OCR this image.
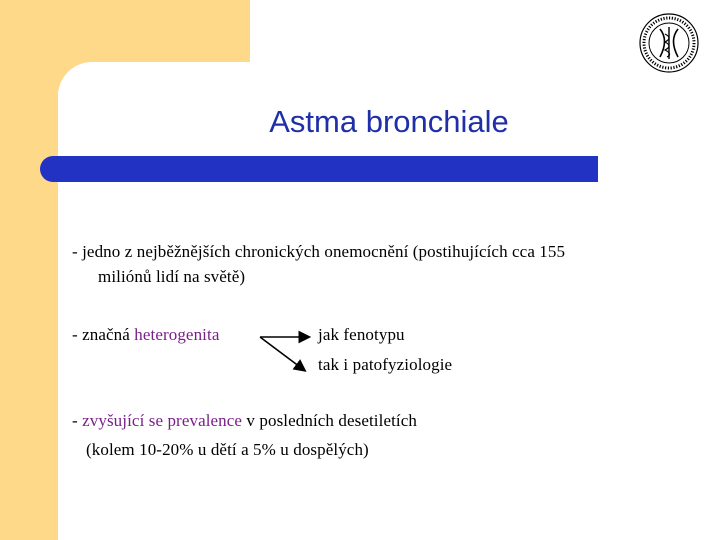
Astma bronchiale
- jedno z nejběžnějších chronických onemocnění (postihujících cca 155
miliónů lidí na světě)
- značná heterogenita	jak fenotypu
tak i patofyziologie
- zvyšující se prevalence v posledních desetiletích
(kolem 10-20% u dětí a 5% u dospělých)
